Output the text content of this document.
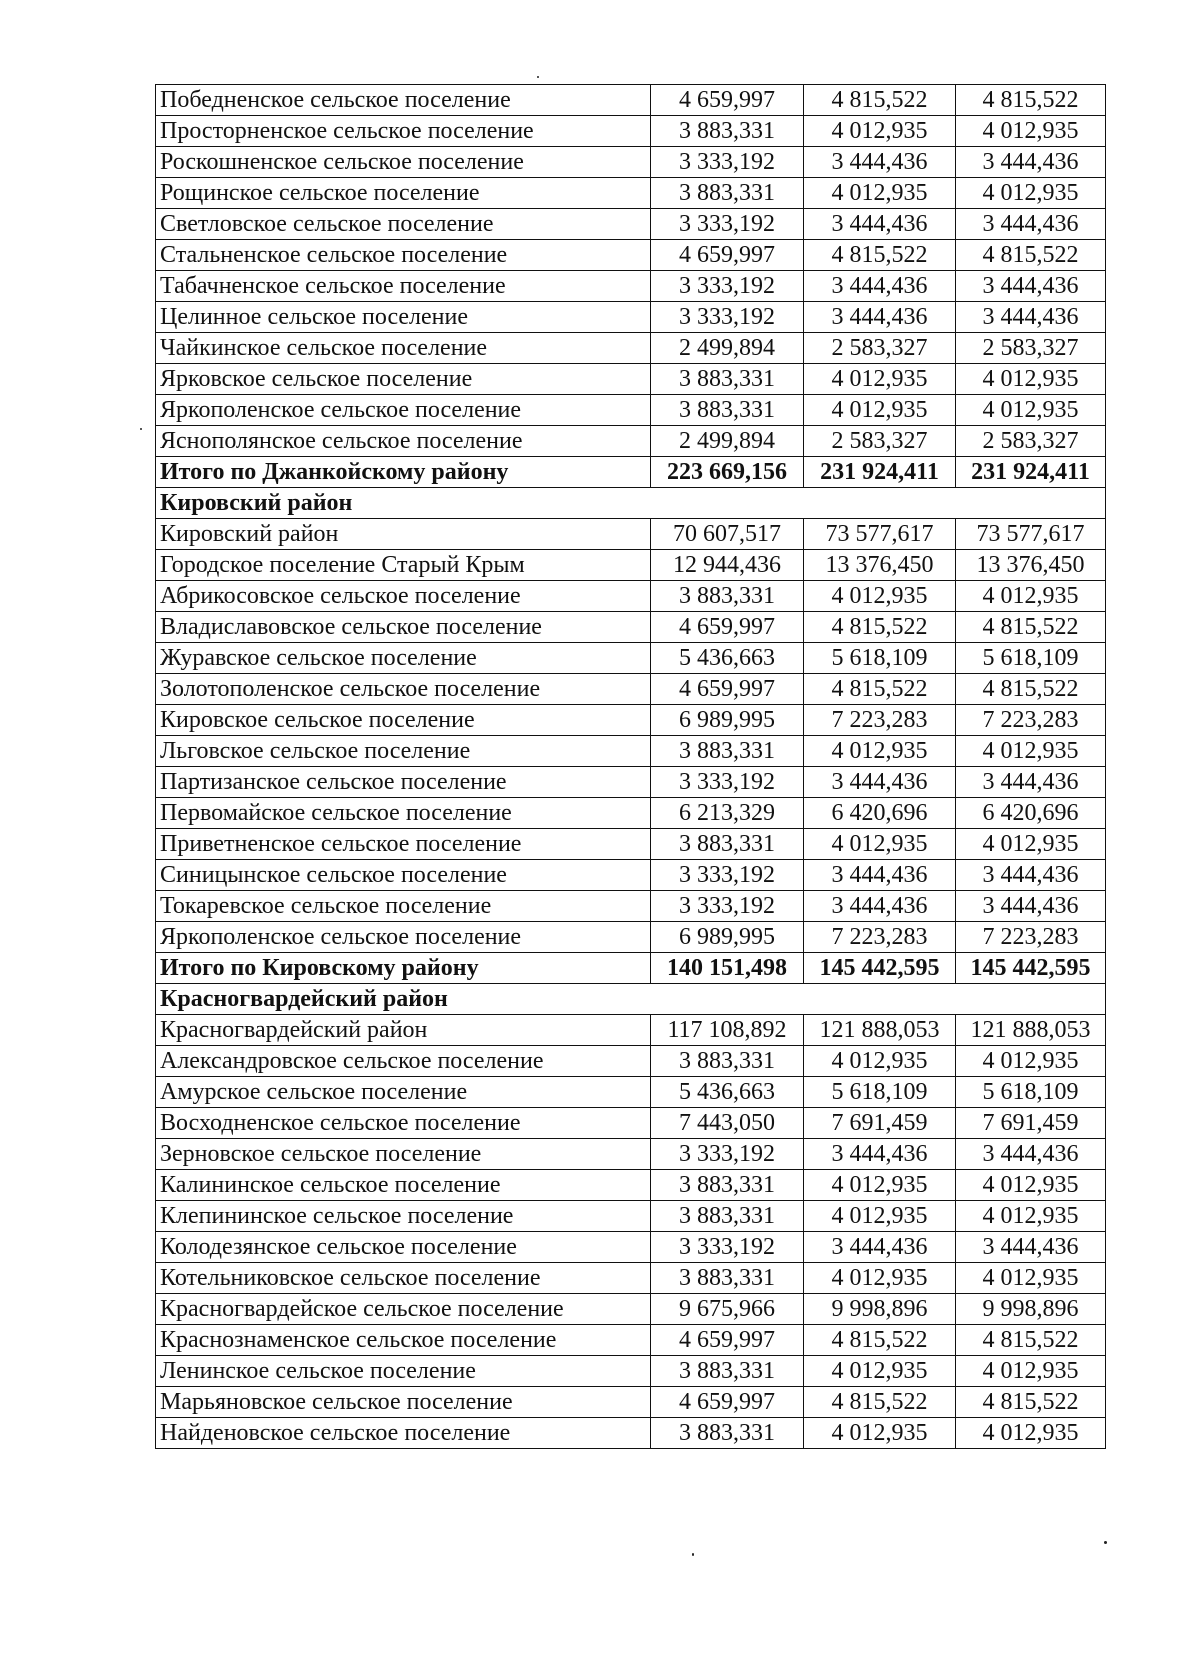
Победненское сельское поселение	4 659,997	4 815,522	4 815,522
Просторненское сельское поселение	3 883,331	4 012,935	4 012,935
Роскошненское сельское поселение	3 333,192	3 444,436	3 444,436
Рощинское сельское поселение	3 883,331	4 012,935	4 012,935
Светловское сельское поселение	3 333,192	3 444,436	3 444,436
Стальненское сельское поселение	4 659,997	4 815,522	4 815,522
Табачненское сельское поселение	3 333,192	3 444,436	3 444,436
Целинное сельское поселение	3 333,192	3 444,436	3 444,436
Чайкинское сельское поселение	2 499,894	2 583,327	2 583,327
Ярковское сельское поселение	3 883,331	4 012,935	4 012,935
Яркополенское сельское поселение	3 883,331	4 012,935	4 012,935
Яснополянское сельское поселение	2 499,894	2 583,327	2 583,327
Итого по Джанкойскому району	223 669,156	231 924,411	231 924,411
Кировский район			
Кировский район	70 607,517	73 577,617	73 577,617
Городское поселение Старый Крым	12 944,436	13 376,450	13 376,450
Абрикосовское сельское поселение	3 883,331	4 012,935	4 012,935
Владиславовское сельское поселение	4 659,997	4 815,522	4 815,522
Журавское сельское поселение	5 436,663	5 618,109	5 618,109
Золотополенское сельское поселение	4 659,997	4 815,522	4 815,522
Кировское сельское поселение	6 989,995	7 223,283	7 223,283
Льговское сельское поселение	3 883,331	4 012,935	4 012,935
Партизанское сельское поселение	3 333,192	3 444,436	3 444,436
Первомайское сельское поселение	6 213,329	6 420,696	6 420,696
Приветненское сельское поселение	3 883,331	4 012,935	4 012,935
Синицынское сельское поселение	3 333,192	3 444,436	3 444,436
Токаревское сельское поселение	3 333,192	3 444,436	3 444,436
Яркополенское сельское поселение	6 989,995	7 223,283	7 223,283
Итого по Кировскому району	140 151,498	145 442,595	145 442,595
Красногвардейский район			
Красногвардейский район	117 108,892	121 888,053	121 888,053
Александровское сельское поселение	3 883,331	4 012,935	4 012,935
Амурское сельское поселение	5 436,663	5 618,109	5 618,109
Восходненское сельское поселение	7 443,050	7 691,459	7 691,459
Зерновское сельское поселение	3 333,192	3 444,436	3 444,436
Калининское сельское поселение	3 883,331	4 012,935	4 012,935
Клепининское сельское поселение	3 883,331	4 012,935	4 012,935
Колодезянское сельское поселение	3 333,192	3 444,436	3 444,436
Котельниковское сельское поселение	3 883,331	4 012,935	4 012,935
Красногвардейское сельское поселение	9 675,966	9 998,896	9 998,896
Краснознаменское сельское поселение	4 659,997	4 815,522	4 815,522
Ленинское сельское поселение	3 883,331	4 012,935	4 012,935
Марьяновское сельское поселение	4 659,997	4 815,522	4 815,522
Найденовское сельское поселение	3 883,331	4 012,935	4 012,935
